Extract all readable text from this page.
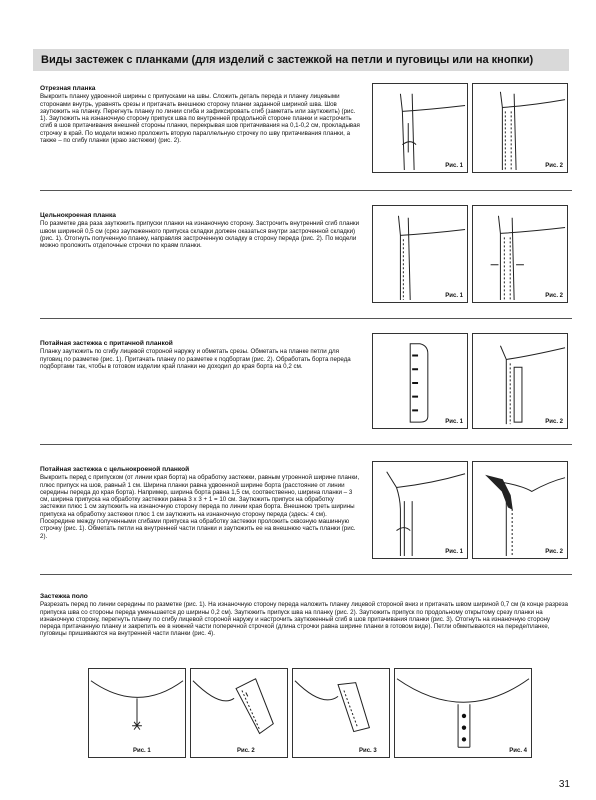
Виды застежек с планками (для изделий с застежкой на петли и пуговицы или на кнопки)
Отрезная планка

Выкроить планку удвоенной ширины с припусками на швы. Сложить деталь переда и планку лицевыми сторонами внутрь, уравнять срезы и притачать внешнюю сторону планки заданной шириной шва. Шов заутюжить на планку. Перегнуть планку по линии сгиба и зафиксировать сгиб (заметать или заутюжить) (рис. 1). Заутюжить на изнаночную сторону припуск шва по внутренней продольной стороне планки и настрочить сгиб в шов притачивания внешней стороны планки, перекрывая шов притачивания на 0,1-0,2 см, прокладывая строчку в край. По модели можно проложить вторую параллельную строчку по шву притачивания планки, а также – по сгибу планки (краю застежки) (рис. 2).

Рис. 1	Рис. 2
Цельнокроеная планка

По разметке два раза заутюжить припуски планки на изнаночную сторону. Застрочить внутренний сгиб планки швом шириной 0,5 см (срез заутюженного припуска складки должен оказаться внутри застроченной складки) (рис. 1). Отогнуть полученную планку, направляя застроченную складку в сторону переда (рис. 2). По модели можно проложить отделочные строчки по краям планки.

Рис. 1	Рис. 2
Потайная застежка с притачной планкой

Планку заутюжить по сгибу лицевой стороной наружу и обметать срезы. Обметать на планке петли для пуговиц по разметке (рис. 1). Притачать планку по разметке к подбортам (рис. 2). Обработать борта переда подбортами так, чтобы в готовом изделии край планки не доходил до края борта на 0,2 см.

Рис. 1	Рис. 2
Потайная застежка с цельнокроеной планкой

Выкроить перед с припуском (от линии края борта) на обработку застежки, равным утроенной ширине планки, плюс припуск на шов, равный 1 см. Ширина планки равна удвоенной ширине борта (расстояние от линии середины переда до края борта). Например, ширина борта равна 1,5 см, соотвественно, ширина планки – 3 см, ширина припуска на обработку застежки равна 3 x 3 + 1 = 10 см. Заутюжить припуск на обработку застежки плюс 1 см заутюжить на изнаночную сторону переда по линии края борта. Внешнюю треть ширины припуска на обработку застежки плюс 1 см заутюжить на изнаночную сторону переда (здесь: 4 см). Посередине между полученными сгибами припуска на обработку застежки проложить сквозную машинную строчку (рис. 1). Обметать петли на внутренней части планки и заутюжить ее на внешнюю часть планки (рис. 2).

Рис. 1	Рис. 2
Застежка поло

Разрезать перед по линии середины по разметке (рис. 1). На изнаночную сторону переда наложить планку лицевой стороной вниз и притачать швом шириной 0,7 см (в конце разреза припуска шва со стороны переда уменьшается до ширины 0,2 см). Заутюжить припуск шва на планку (рис. 2). Заутюжить припуск по продольному открытому срезу планки на изнаночную сторону, перегнуть планку по сгибу лицевой стороной наружу и настрочить заутюженный сгиб в шов притачивания планки (рис. 3). Отогнуть на изнаночную сторону переда притачанную планку и закрепить ее в нижней части поперечной строчкой (длина строчки равна ширине планки в готовом виде). Петли обметываются на переде/планке, пуговицы пришиваются на внутренней части планки (рис. 4).

Рис. 1	Рис. 2	Рис. 3	Рис. 4
31
